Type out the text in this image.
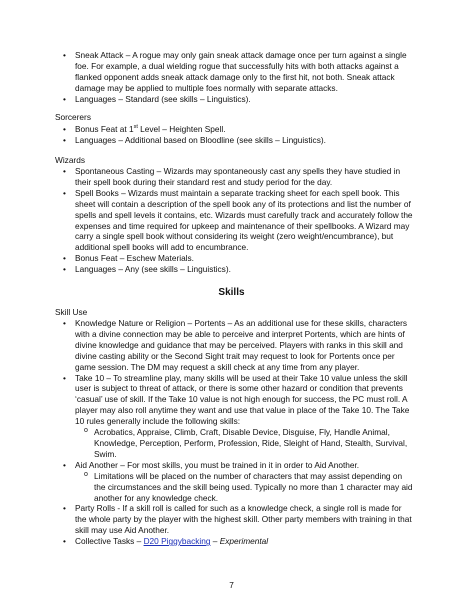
• Sneak Attack – A rogue may only gain sneak attack damage once per turn against a single foe. For example, a dual wielding rogue that successfully hits with both attacks against a flanked opponent adds sneak attack damage only to the first hit, not both. Sneak attack damage may be applied to multiple foes normally with separate attacks.
• Languages – Standard (see skills – Linguistics).
Sorcerers
• Bonus Feat at 1st Level – Heighten Spell.
• Languages – Additional based on Bloodline (see skills – Linguistics).
Wizards
• Spontaneous Casting – Wizards may spontaneously cast any spells they have studied in their spell book during their standard rest and study period for the day.
• Spell Books – Wizards must maintain a separate tracking sheet for each spell book. This sheet will contain a description of the spell book any of its protections and list the number of spells and spell levels it contains, etc. Wizards must carefully track and accurately follow the expenses and time required for upkeep and maintenance of their spellbooks. A Wizard may carry a single spell book without considering its weight (zero weight/encumbrance), but additional spell books will add to encumbrance.
• Bonus Feat – Eschew Materials.
• Languages – Any (see skills – Linguistics).
Skills
Skill Use
• Knowledge Nature or Religion – Portents – As an additional use for these skills, characters with a divine connection may be able to perceive and interpret Portents, which are hints of divine knowledge and guidance that may be perceived. Players with ranks in this skill and divine casting ability or the Second Sight trait may request to look for Portents once per game session. The DM may request a skill check at any time from any player.
• Take 10 – To streamline play, many skills will be used at their Take 10 value unless the skill user is subject to threat of attack, or there is some other hazard or condition that prevents ‘casual’ use of skill. If the Take 10 value is not high enough for success, the PC must roll. A player may also roll anytime they want and use that value in place of the Take 10. The Take 10 rules generally include the following skills:
o Acrobatics, Appraise, Climb, Craft, Disable Device, Disguise, Fly, Handle Animal, Knowledge, Perception, Perform, Profession, Ride, Sleight of Hand, Stealth, Survival, Swim.
• Aid Another – For most skills, you must be trained in it in order to Aid Another.
o Limitations will be placed on the number of characters that may assist depending on the circumstances and the skill being used. Typically no more than 1 character may aid another for any knowledge check.
• Party Rolls - If a skill roll is called for such as a knowledge check, a single roll is made for the whole party by the player with the highest skill. Other party members with training in that skill may use Aid Another.
• Collective Tasks – D20 Piggybacking – Experimental
7
